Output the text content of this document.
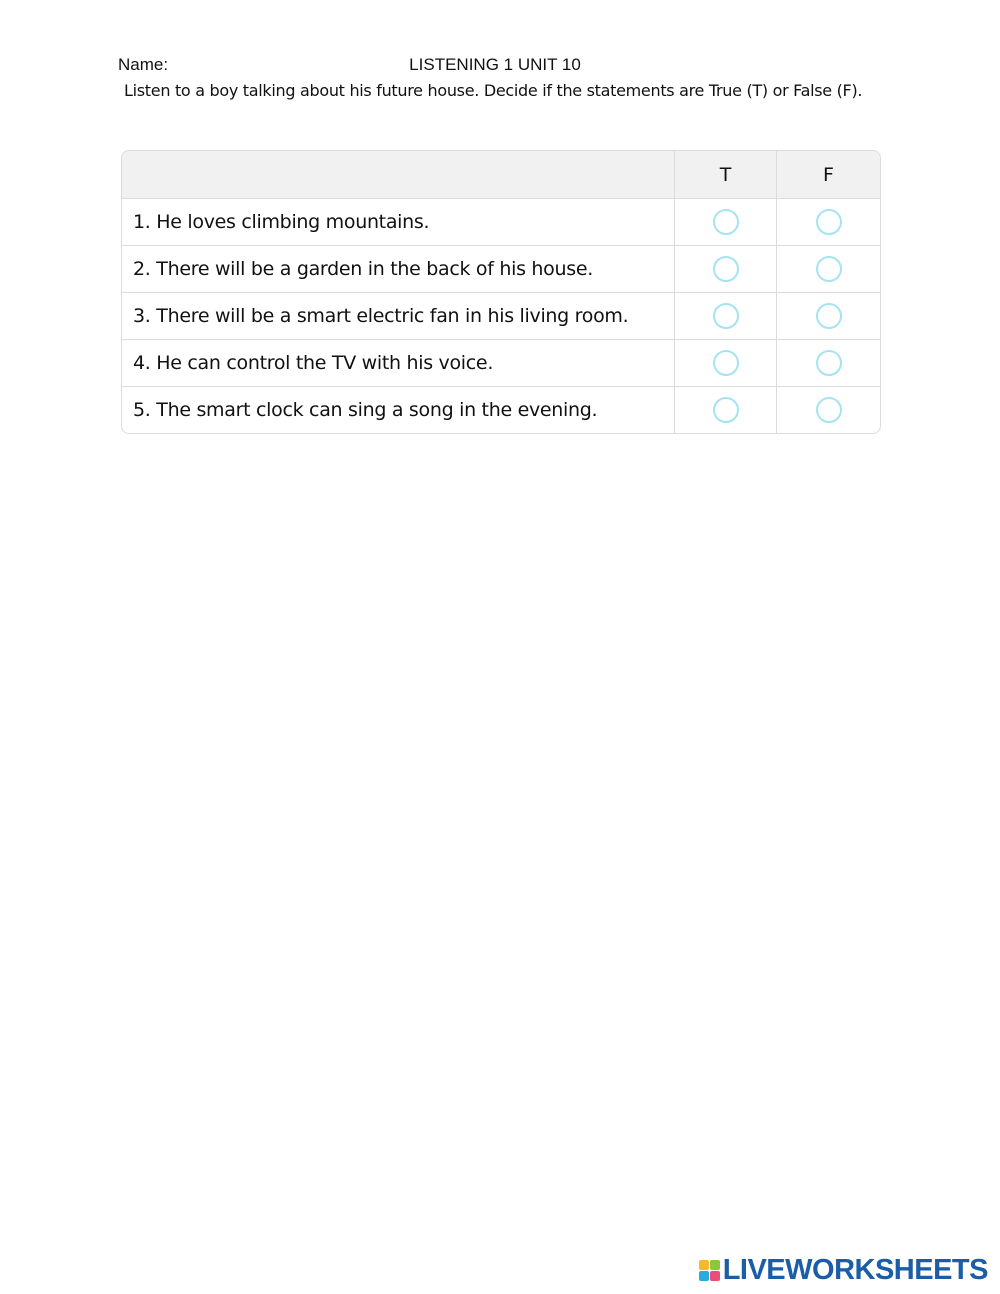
Name:	LISTENING 1 UNIT 10
Listen to a boy talking about his future house. Decide if the statements are True (T) or False (F).
T	F
1.
He loves climbing mountains.
2.
There will be a garden in the back of his house.
3.
There will be a smart electric fan in his living room.
4.
He can control the TV with his voice.
5.
The smart clock can sing a song in the evening.
LIVEWORKSHEETS
